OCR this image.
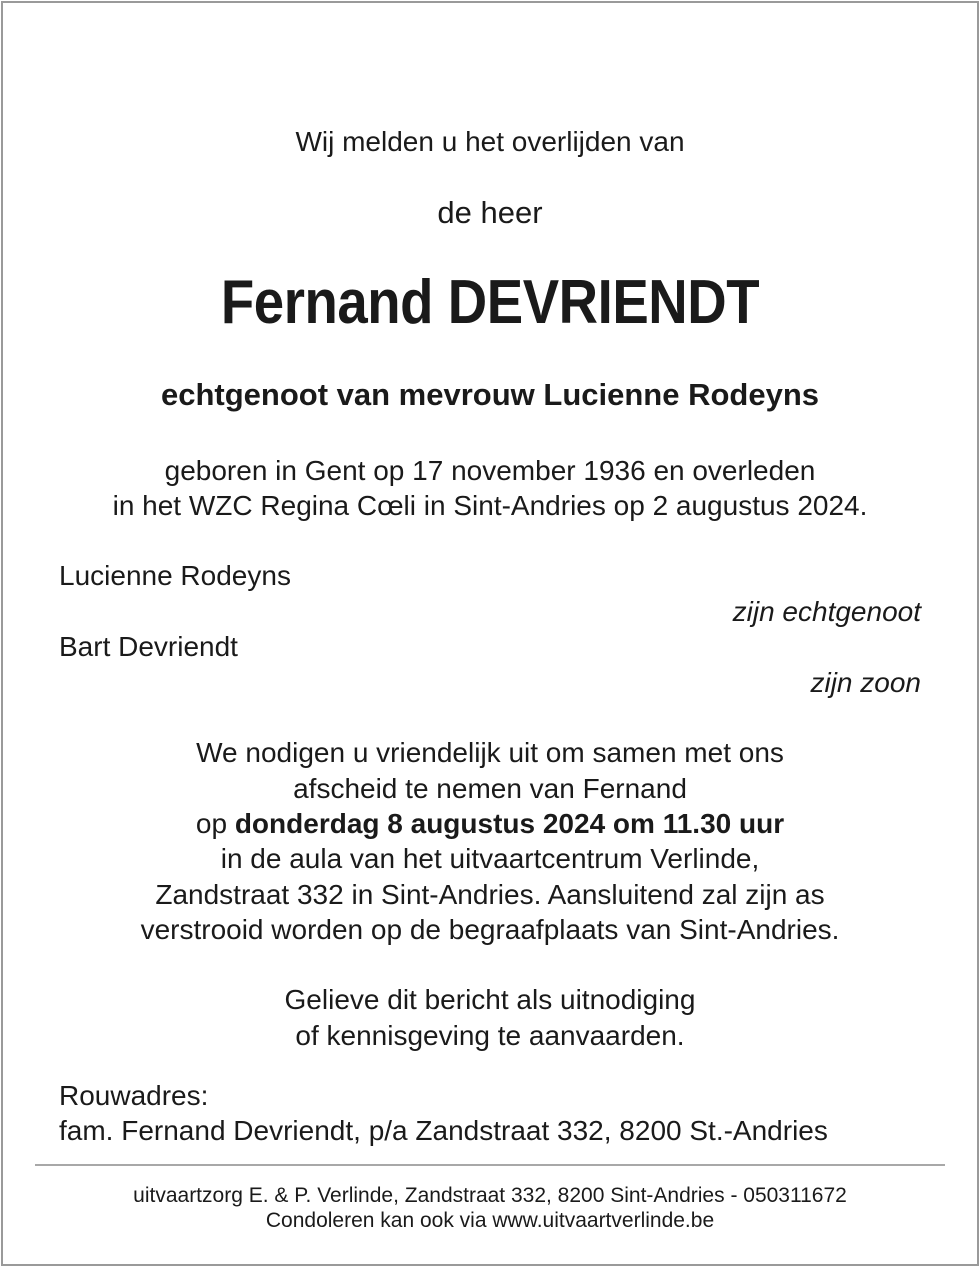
Wij melden u het overlijden van
de heer
Fernand DEVRIENDT
echtgenoot van mevrouw Lucienne Rodeyns
geboren in Gent op 17 november 1936 en overleden
in het WZC Regina Cœli in Sint-Andries op 2 augustus 2024.
Lucienne Rodeyns
zijn echtgenoot
Bart Devriendt
zijn zoon
We nodigen u vriendelijk uit om samen met ons
afscheid te nemen van Fernand
op donderdag 8 augustus 2024 om 11.30 uur
in de aula van het uitvaartcentrum Verlinde,
Zandstraat 332 in Sint-Andries. Aansluitend zal zijn as
verstrooid worden op de begraafplaats van Sint-Andries.
Gelieve dit bericht als uitnodiging
of kennisgeving te aanvaarden.
Rouwadres:
fam. Fernand Devriendt, p/a Zandstraat 332, 8200 St.-Andries
uitvaartzorg E. & P. Verlinde, Zandstraat 332, 8200 Sint-Andries - 050311672
Condoleren kan ook via www.uitvaartverlinde.be
